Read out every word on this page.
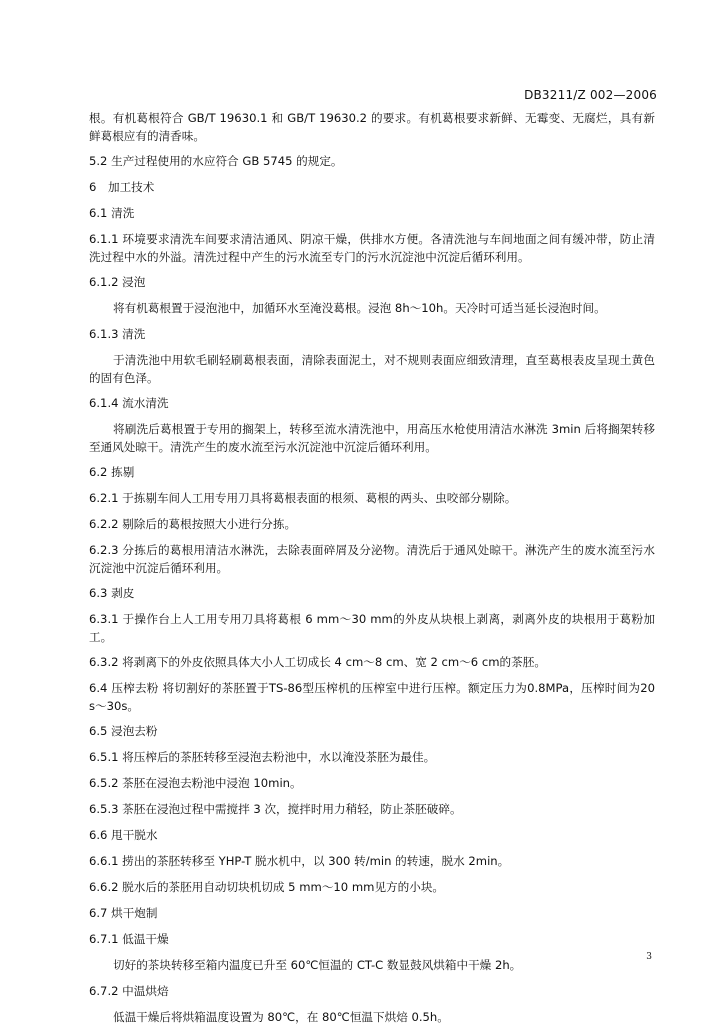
DB3211/Z 002—2006

根。有机葛根符合 GB/T 19630.1 和 GB/T 19630.2 的要求。有机葛根要求新鲜、无霉变、无腐烂，具有新鲜葛根应有的清香味。

5.2 生产过程使用的水应符合 GB 5745 的规定。

6　加工技术

6.1 清洗

6.1.1 环境要求清洗车间要求清洁通风、阴凉干燥，供排水方便。各清洗池与车间地面之间有缓冲带，防止清洗过程中水的外溢。清洗过程中产生的污水流至专门的污水沉淀池中沉淀后循环利用。

6.1.2 浸泡

将有机葛根置于浸泡池中，加循环水至淹没葛根。浸泡 8h～10h。天冷时可适当延长浸泡时间。

6.1.3 清洗

于清洗池中用软毛刷轻刷葛根表面，清除表面泥土，对不规则表面应细致清理，直至葛根表皮呈现土黄色的固有色泽。

6.1.4 流水清洗

将刷洗后葛根置于专用的搁架上，转移至流水清洗池中，用高压水枪使用清洁水淋洗 3min 后将搁架转移至通风处晾干。清洗产生的废水流至污水沉淀池中沉淀后循环利用。

6.2 拣剔

6.2.1 于拣剔车间人工用专用刀具将葛根表面的根须、葛根的两头、虫咬部分剔除。

6.2.2 剔除后的葛根按照大小进行分拣。

6.2.3 分拣后的葛根用清洁水淋洗，去除表面碎屑及分泌物。清洗后于通风处晾干。淋洗产生的废水流至污水沉淀池中沉淀后循环利用。

6.3 剥皮

6.3.1 于操作台上人工用专用刀具将葛根 6 mm～30 mm的外皮从块根上剥离，剥离外皮的块根用于葛粉加工。

6.3.2 将剥离下的外皮依照具体大小人工切成长 4 cm～8 cm、宽 2 cm～6 cm的茶胚。

6.4 压榨去粉 将切割好的茶胚置于TS-86型压榨机的压榨室中进行压榨。额定压力为0.8MPa，压榨时间为20 s～30s。

6.5 浸泡去粉

6.5.1 将压榨后的茶胚转移至浸泡去粉池中，水以淹没茶胚为最佳。

6.5.2 茶胚在浸泡去粉池中浸泡 10min。

6.5.3 茶胚在浸泡过程中需搅拌 3 次，搅拌时用力稍轻，防止茶胚破碎。

6.6 甩干脱水

6.6.1 捞出的茶胚转移至 YHP-T 脱水机中，以 300 转/min 的转速，脱水 2min。

6.6.2 脱水后的茶胚用自动切块机切成 5 mm～10 mm见方的小块。

6.7 烘干炮制

6.7.1 低温干燥

切好的茶块转移至箱内温度已升至 60℃恒温的 CT-C 数显鼓风烘箱中干燥 2h。

6.7.2 中温烘焙

低温干燥后将烘箱温度设置为 80℃，在 80℃恒温下烘焙 0.5h。

3
